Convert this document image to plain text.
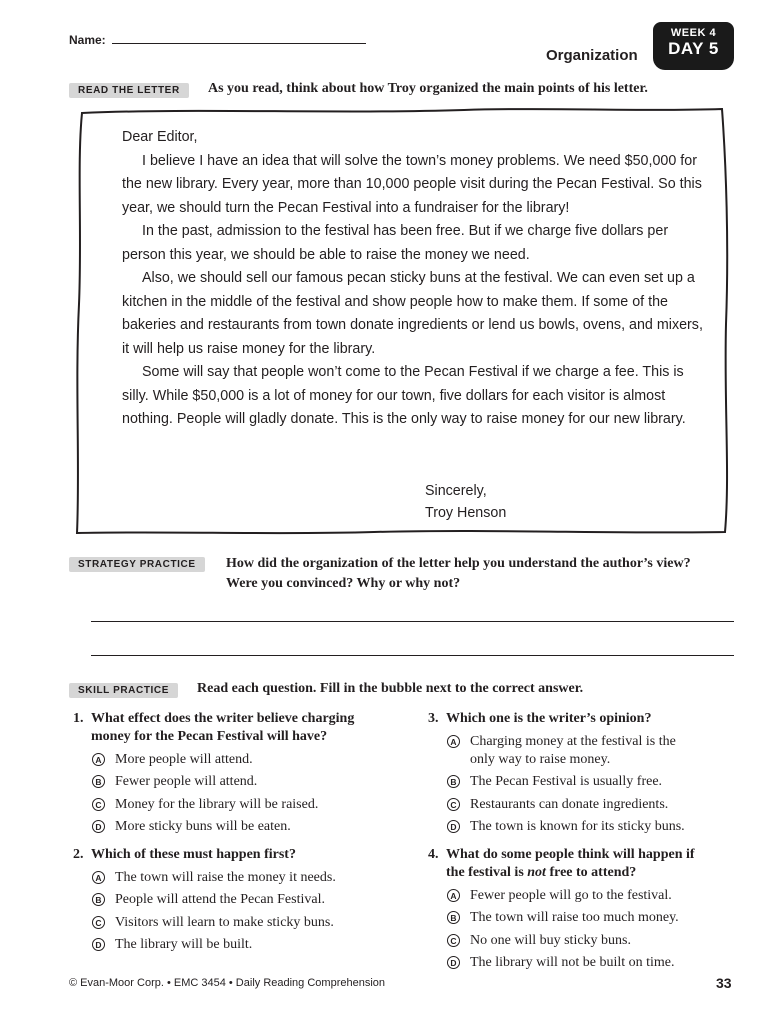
Name:
Organization
WEEK 4
DAY 5
READ THE LETTER	As you read, think about how Troy organized the main points of his letter.

Dear Editor,

I believe I have an idea that will solve the town’s money problems. We need $50,000 for the new library. Every year, more than 10,000 people visit during the Pecan Festival. So this year, we should turn the Pecan Festival into a fundraiser for the library!

In the past, admission to the festival has been free. But if we charge five dollars per person this year, we should be able to raise the money we need.

Also, we should sell our famous pecan sticky buns at the festival. We can even set up a kitchen in the middle of the festival and show people how to make them. If some of the bakeries and restaurants from town donate ingredients or lend us bowls, ovens, and mixers, it will help us raise money for the library.

Some will say that people won’t come to the Pecan Festival if we charge a fee. This is silly. While $50,000 is a lot of money for our town, five dollars for each visitor is almost nothing. People will gladly donate. This is the only way to raise money for our new library.

Sincerely,
Troy Henson
STRATEGY PRACTICE	How did the organization of the letter help you understand the author’s view?
Were you convinced? Why or why not?
SKILL PRACTICE	Read each question. Fill in the bubble next to the correct answer.
1. What effect does the writer believe charging
money for the Pecan Festival will have?
A More people will attend.
B Fewer people will attend.
C Money for the library will be raised.
D More sticky buns will be eaten.
2. Which of these must happen first?
A The town will raise the money it needs.
B People will attend the Pecan Festival.
C Visitors will learn to make sticky buns.
D The library will be built.
3. Which one is the writer’s opinion?
A Charging money at the festival is the
only way to raise money.
B The Pecan Festival is usually free.
C Restaurants can donate ingredients.
D The town is known for its sticky buns.
4. What do some people think will happen if
the festival is not free to attend?
A Fewer people will go to the festival.
B The town will raise too much money.
C No one will buy sticky buns.
D The library will not be built on time.
© Evan-Moor Corp. • EMC 3454 • Daily Reading Comprehension	33
